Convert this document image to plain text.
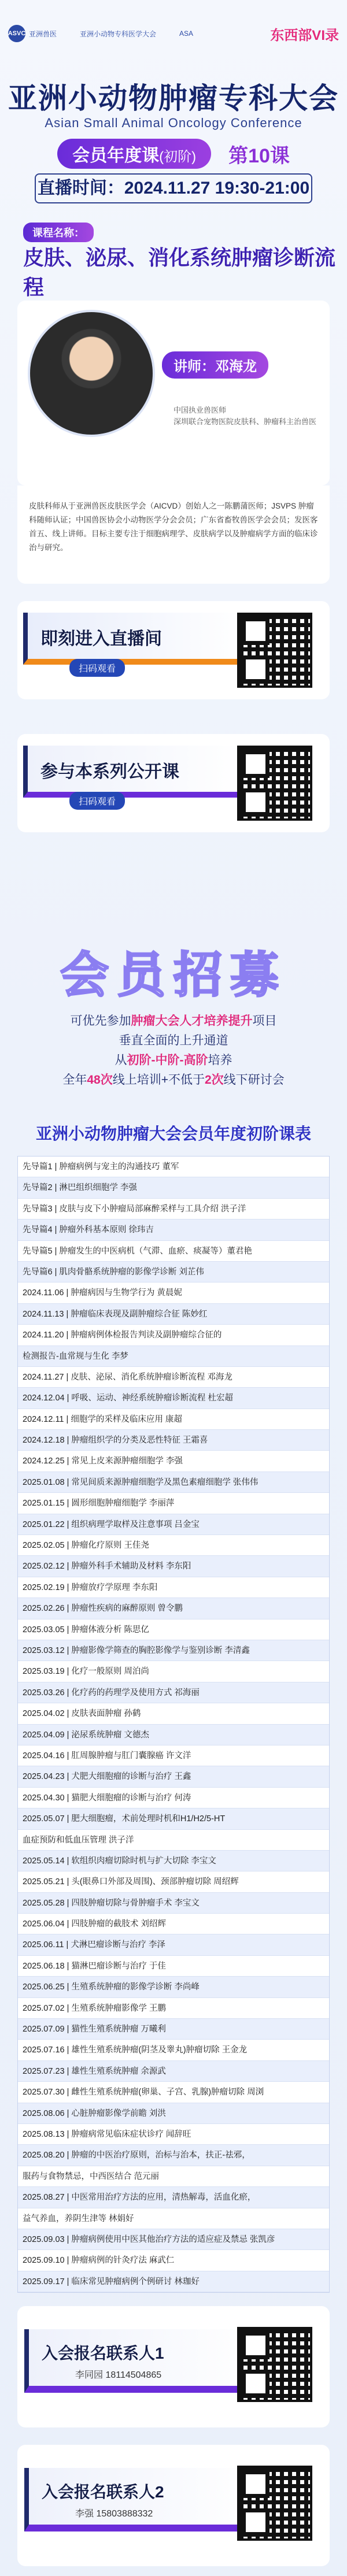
ASVC 亚洲兽医	亚洲小动物专科医学大会	ASA	东西部VI录
亚洲小动物肿瘤专科大会
Asian Small Animal Oncology Conference
会员年度课(初阶)	第10课
直播时间：2024.11.27 19:30-21:00
课程名称：
皮肤、泌尿、消化系统肿瘤诊断流程
讲师：邓海龙
中国执业兽医师
深圳联合宠物医院皮肤科、肿瘤科主治兽医
皮肤科师从于亚洲兽医皮肤医学会（AICVD）创始人之一陈鹏蒲医师；JSVPS 肿瘤科随师认证；中国兽医协会小动物医学分会会员；广东省畜牧兽医学会会员；发医客首五、线上讲师。目标主要专注于细胞病理学、皮肤病学以及肿瘤病学方面的临床诊治与研究。
即刻进入直播间
扫码观看
参与本系列公开课
扫码观看
会员招募
可优先参加肿瘤大会人才培养提升项目
垂直全面的上升通道
从初阶-中阶-高阶培养
全年48次线上培训+不低于2次线下研讨会
亚洲小动物肿瘤大会会员年度初阶课表
先导篇1 | 肿瘤病例与宠主的沟通技巧 董军
先导篇2 | 淋巴组织细胞学 李强
先导篇3 | 皮肤与皮下小肿瘤局部麻醉采样与工具介绍 洪子洋
先导篇4 | 肿瘤外科基本原则 徐玮吉
先导篇5 | 肿瘤发生的中医病机（气滞、血瘀、痰凝等）董君艳
先导篇6 | 肌肉骨骼系统肿瘤的影像学诊断 刘芷伟
2024.11.06 | 肿瘤病因与生物学行为 黄晨妮
2024.11.13 | 肿瘤临床表现及副肿瘤综合征 陈妙红
2024.11.20 | 肿瘤病例体检报告判读及副肿瘤综合征的
检测报告-血常规与生化 李梦
2024.11.27 | 皮肤、泌尿、消化系统肿瘤诊断流程 邓海龙
2024.12.04 | 呼吸、运动、神经系统肿瘤诊断流程 杜宏超
2024.12.11 | 细胞学的采样及临床应用 康超
2024.12.18 | 肿瘤组织学的分类及恶性特征 王霜喜
2024.12.25 | 常见上皮来源肿瘤细胞学 李强
2025.01.08 | 常见间质来源肿瘤细胞学及黑色素瘤细胞学 张伟伟
2025.01.15 | 圆形细胞肿瘤细胞学 李丽萍
2025.01.22 | 组织病理学取样及注意事项 吕金宝
2025.02.05 | 肿瘤化疗原则 王佳尧
2025.02.12 | 肿瘤外科手术辅助及材料 李东阳
2025.02.19 | 肿瘤放疗学原理 李东阳
2025.02.26 | 肿瘤性疾病的麻醉原则 曾令鹏
2025.03.05 | 肿瘤体液分析 陈思亿
2025.03.12 | 肿瘤影像学筛查的胸腔影像学与鉴别诊断 李清鑫
2025.03.19 | 化疗一般原则 周泊尚
2025.03.26 | 化疗药的药理学及使用方式 祁海丽
2025.04.02 | 皮肤表面肿瘤 孙鹤
2025.04.09 | 泌尿系统肿瘤 文德杰
2025.04.16 | 肛周腺肿瘤与肛门囊腺癌 许文洋
2025.04.23 | 犬肥大细胞瘤的诊断与治疗 王鑫
2025.04.30 | 猫肥大细胞瘤的诊断与治疗 何涛
2025.05.07 | 肥大细胞瘤，术前处理时机和H1/H2/5-HT
血症预防和低血压管理 洪子洋
2025.05.14 | 软组织肉瘤切除时机与扩大切除 李宝文
2025.05.21 | 头(眼鼻口外部及周围)、颈部肿瘤切除 周绍辉
2025.05.28 | 四肢肿瘤切除与骨肿瘤手术 李宝文
2025.06.04 | 四肢肿瘤的截肢术 刘绍辉
2025.06.11 | 犬淋巴瘤诊断与治疗 李泽
2025.06.18 | 猫淋巴瘤诊断与治疗 于佳
2025.06.25 | 生殖系统肿瘤的影像学诊断 李尚峰
2025.07.02 | 生殖系统肿瘤影像学 王鹏
2025.07.09 | 猫性生殖系统肿瘤 万曦利
2025.07.16 | 雄性生殖系统肿瘤(阴茎及睾丸)肿瘤切除 王金龙
2025.07.23 | 雄性生殖系统肿瘤 余源武
2025.07.30 | 雌性生殖系统肿瘤(卵巢、子宫、乳腺)肿瘤切除 周浏
2025.08.06 | 心脏肿瘤影像学前瞻 刘洪
2025.08.13 | 肿瘤病常见临床症状诊疗 闻辞旺
2025.08.20 | 肿瘤的中医治疗原则，治标与治本，扶正-祛邪，
服药与食物禁忌，中西医结合 范元丽
2025.08.27 | 中医常用治疗方法的应用，清热解毒，活血化瘀，
益气养血，养阴生津等 林娟好
2025.09.03 | 肿瘤病例使用中医其他治疗方法的适应症及禁忌 张凯彦
2025.09.10 | 肿瘤病例的针灸疗法 麻武仁
2025.09.17 | 临床常见肿瘤病例个例研讨 林珈好
入会报名联系人1
李同园 18114504865
入会报名联系人2
李强 15803888332
